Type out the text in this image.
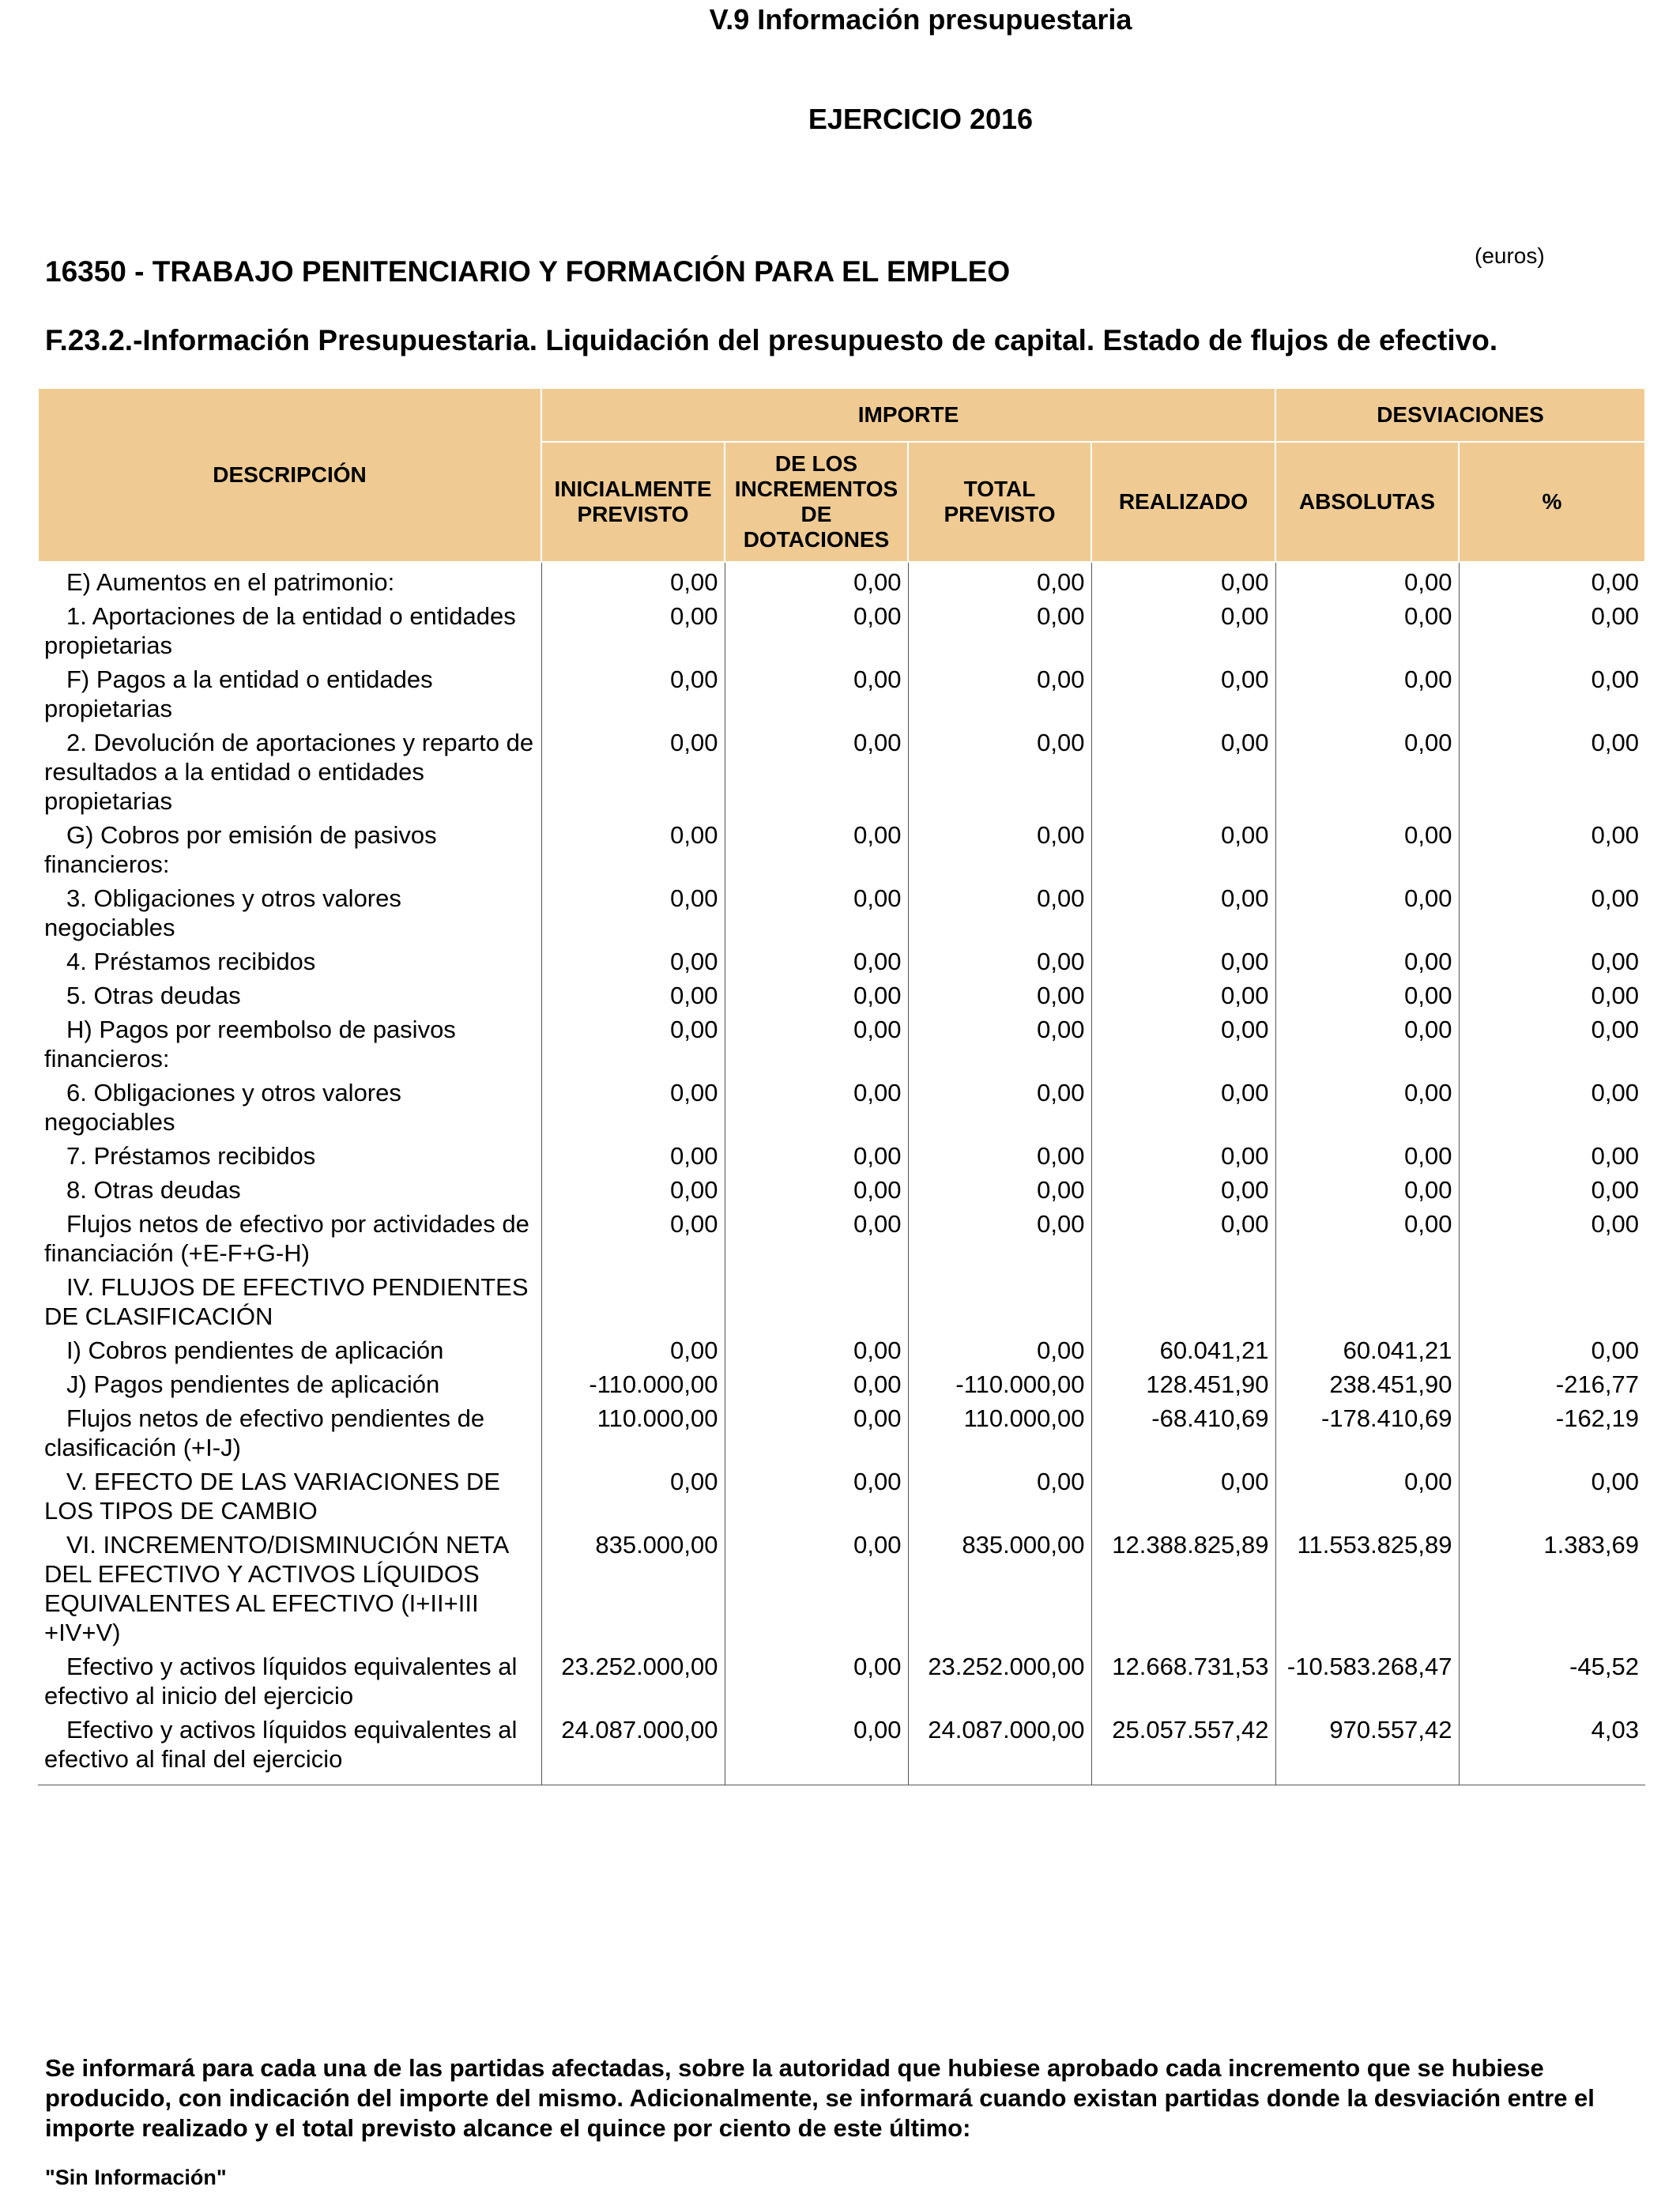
V.9 Información presupuestaria
EJERCICIO 2016
16350 - TRABAJO PENITENCIARIO Y FORMACIÓN PARA EL EMPLEO	(euros)
F.23.2.-Información Presupuestaria. Liquidación del presupuesto de capital. Estado de flujos de efectivo.
DESCRIPCIÓN	IMPORTE				DESVIACIONES	
	INICIALMENTE PREVISTO	DE LOS INCREMENTOS DE DOTACIONES	TOTAL PREVISTO	REALIZADO	ABSOLUTAS	%

E) Aumentos en el patrimonio:	0,00	0,00	0,00	0,00	0,00	0,00

1. Aportaciones de la entidad o entidades propietarias	0,00	0,00	0,00	0,00	0,00	0,00

F) Pagos a la entidad o entidades propietarias	0,00	0,00	0,00	0,00	0,00	0,00

2. Devolución de aportaciones y reparto de resultados a la entidad o entidades propietarias	0,00	0,00	0,00	0,00	0,00	0,00

G) Cobros por emisión de pasivos financieros:	0,00	0,00	0,00	0,00	0,00	0,00

3. Obligaciones y otros valores negociables	0,00	0,00	0,00	0,00	0,00	0,00

4. Préstamos recibidos	0,00	0,00	0,00	0,00	0,00	0,00

5. Otras deudas	0,00	0,00	0,00	0,00	0,00	0,00

H) Pagos por reembolso de pasivos financieros:	0,00	0,00	0,00	0,00	0,00	0,00

6. Obligaciones y otros valores negociables	0,00	0,00	0,00	0,00	0,00	0,00

7. Préstamos recibidos	0,00	0,00	0,00	0,00	0,00	0,00

8. Otras deudas	0,00	0,00	0,00	0,00	0,00	0,00

Flujos netos de efectivo por actividades de financiación (+E-F+G-H)	0,00	0,00	0,00	0,00	0,00	0,00

IV. FLUJOS DE EFECTIVO PENDIENTES DE CLASIFICACIÓN						

I) Cobros pendientes de aplicación	0,00	0,00	0,00	60.041,21	60.041,21	0,00

J) Pagos pendientes de aplicación	-110.000,00	0,00	-110.000,00	128.451,90	238.451,90	-216,77

Flujos netos de efectivo pendientes de clasificación (+I-J)	110.000,00	0,00	110.000,00	-68.410,69	-178.410,69	-162,19

V. EFECTO DE LAS VARIACIONES DE LOS TIPOS DE CAMBIO	0,00	0,00	0,00	0,00	0,00	0,00

VI. INCREMENTO/DISMINUCIÓN NETA DEL EFECTIVO Y ACTIVOS LÍQUIDOS EQUIVALENTES AL EFECTIVO (I+II+III +IV+V)	835.000,00	0,00	835.000,00	12.388.825,89	11.553.825,89	1.383,69

Efectivo y activos líquidos equivalentes al efectivo al inicio del ejercicio	23.252.000,00	0,00	23.252.000,00	12.668.731,53	-10.583.268,47	-45,52

Efectivo y activos líquidos equivalentes al efectivo al final del ejercicio	24.087.000,00	0,00	24.087.000,00	25.057.557,42	970.557,42	4,03
Se informará para cada una de las partidas afectadas, sobre la autoridad que hubiese aprobado cada incremento que se hubiese producido, con indicación del importe del mismo. Adicionalmente, se informará cuando existan partidas donde la desviación entre el importe realizado y el total previsto alcance el quince por ciento de este último:
"Sin Información"
